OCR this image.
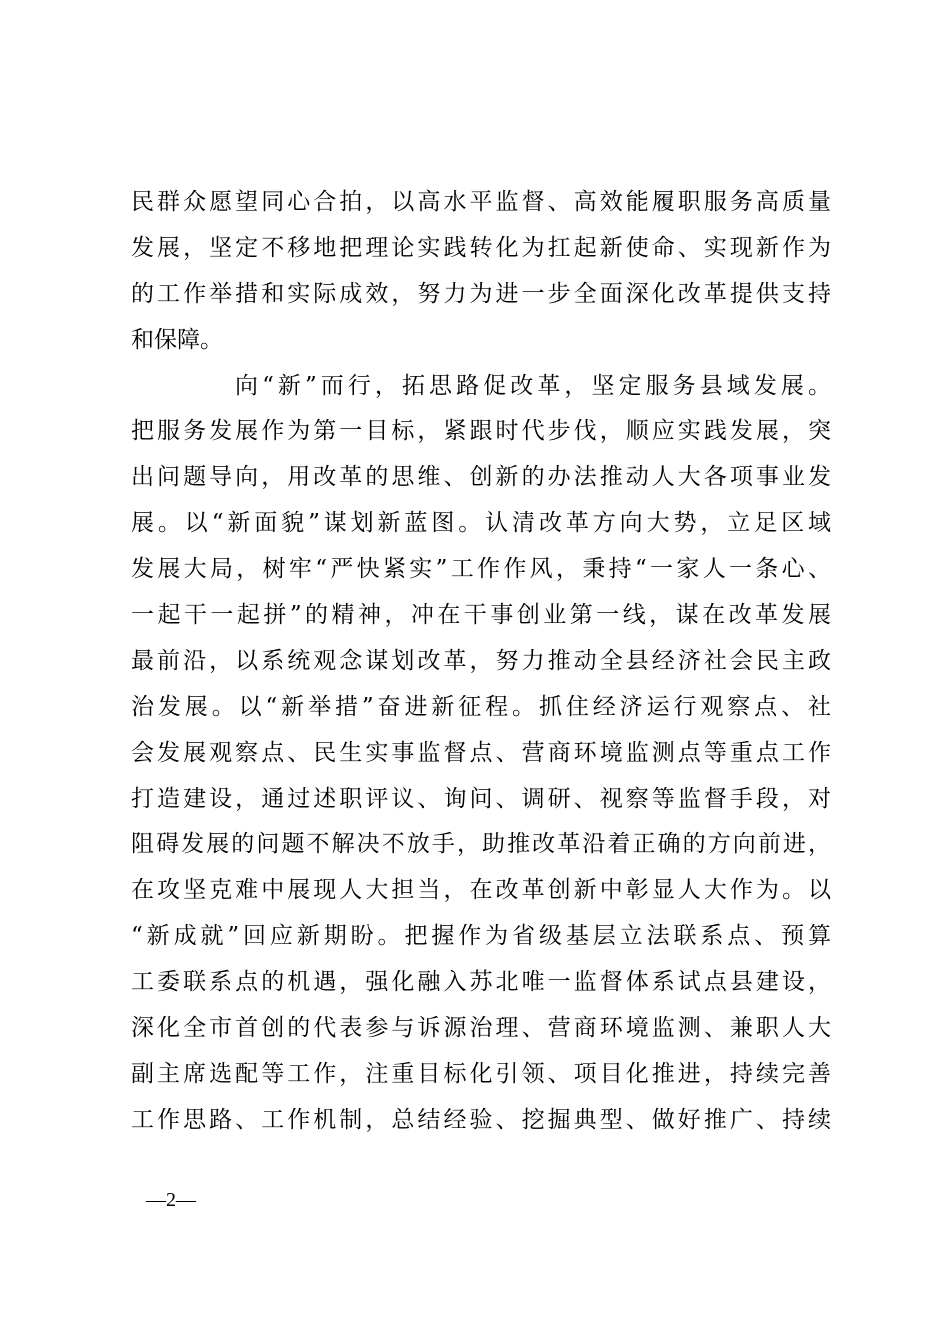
民群众愿望同心合拍，以高水平监督、高效能履职服务高质量
发展，坚定不移地把理论实践转化为扛起新使命、实现新作为
的工作举措和实际成效，努力为进一步全面深化改革提供支持
和保障。
向“新”而行，拓思路促改革，坚定服务县域发展。
把服务发展作为第一目标，紧跟时代步伐，顺应实践发展，突
出问题导向，用改革的思维、创新的办法推动人大各项事业发
展。以“新面貌”谋划新蓝图。认清改革方向大势，立足区域
发展大局，树牢“严快紧实”工作作风，秉持“一家人一条心、
一起干一起拼”的精神，冲在干事创业第一线，谋在改革发展
最前沿，以系统观念谋划改革，努力推动全县经济社会民主政
治发展。以“新举措”奋进新征程。抓住经济运行观察点、社
会发展观察点、民生实事监督点、营商环境监测点等重点工作
打造建设，通过述职评议、询问、调研、视察等监督手段，对
阻碍发展的问题不解决不放手，助推改革沿着正确的方向前进，
在攻坚克难中展现人大担当，在改革创新中彰显人大作为。以
“新成就”回应新期盼。把握作为省级基层立法联系点、预算
工委联系点的机遇，强化融入苏北唯一监督体系试点县建设，
深化全市首创的代表参与诉源治理、营商环境监测、兼职人大
副主席选配等工作，注重目标化引领、项目化推进，持续完善
工作思路、工作机制，总结经验、挖掘典型、做好推广、持续
—2—
